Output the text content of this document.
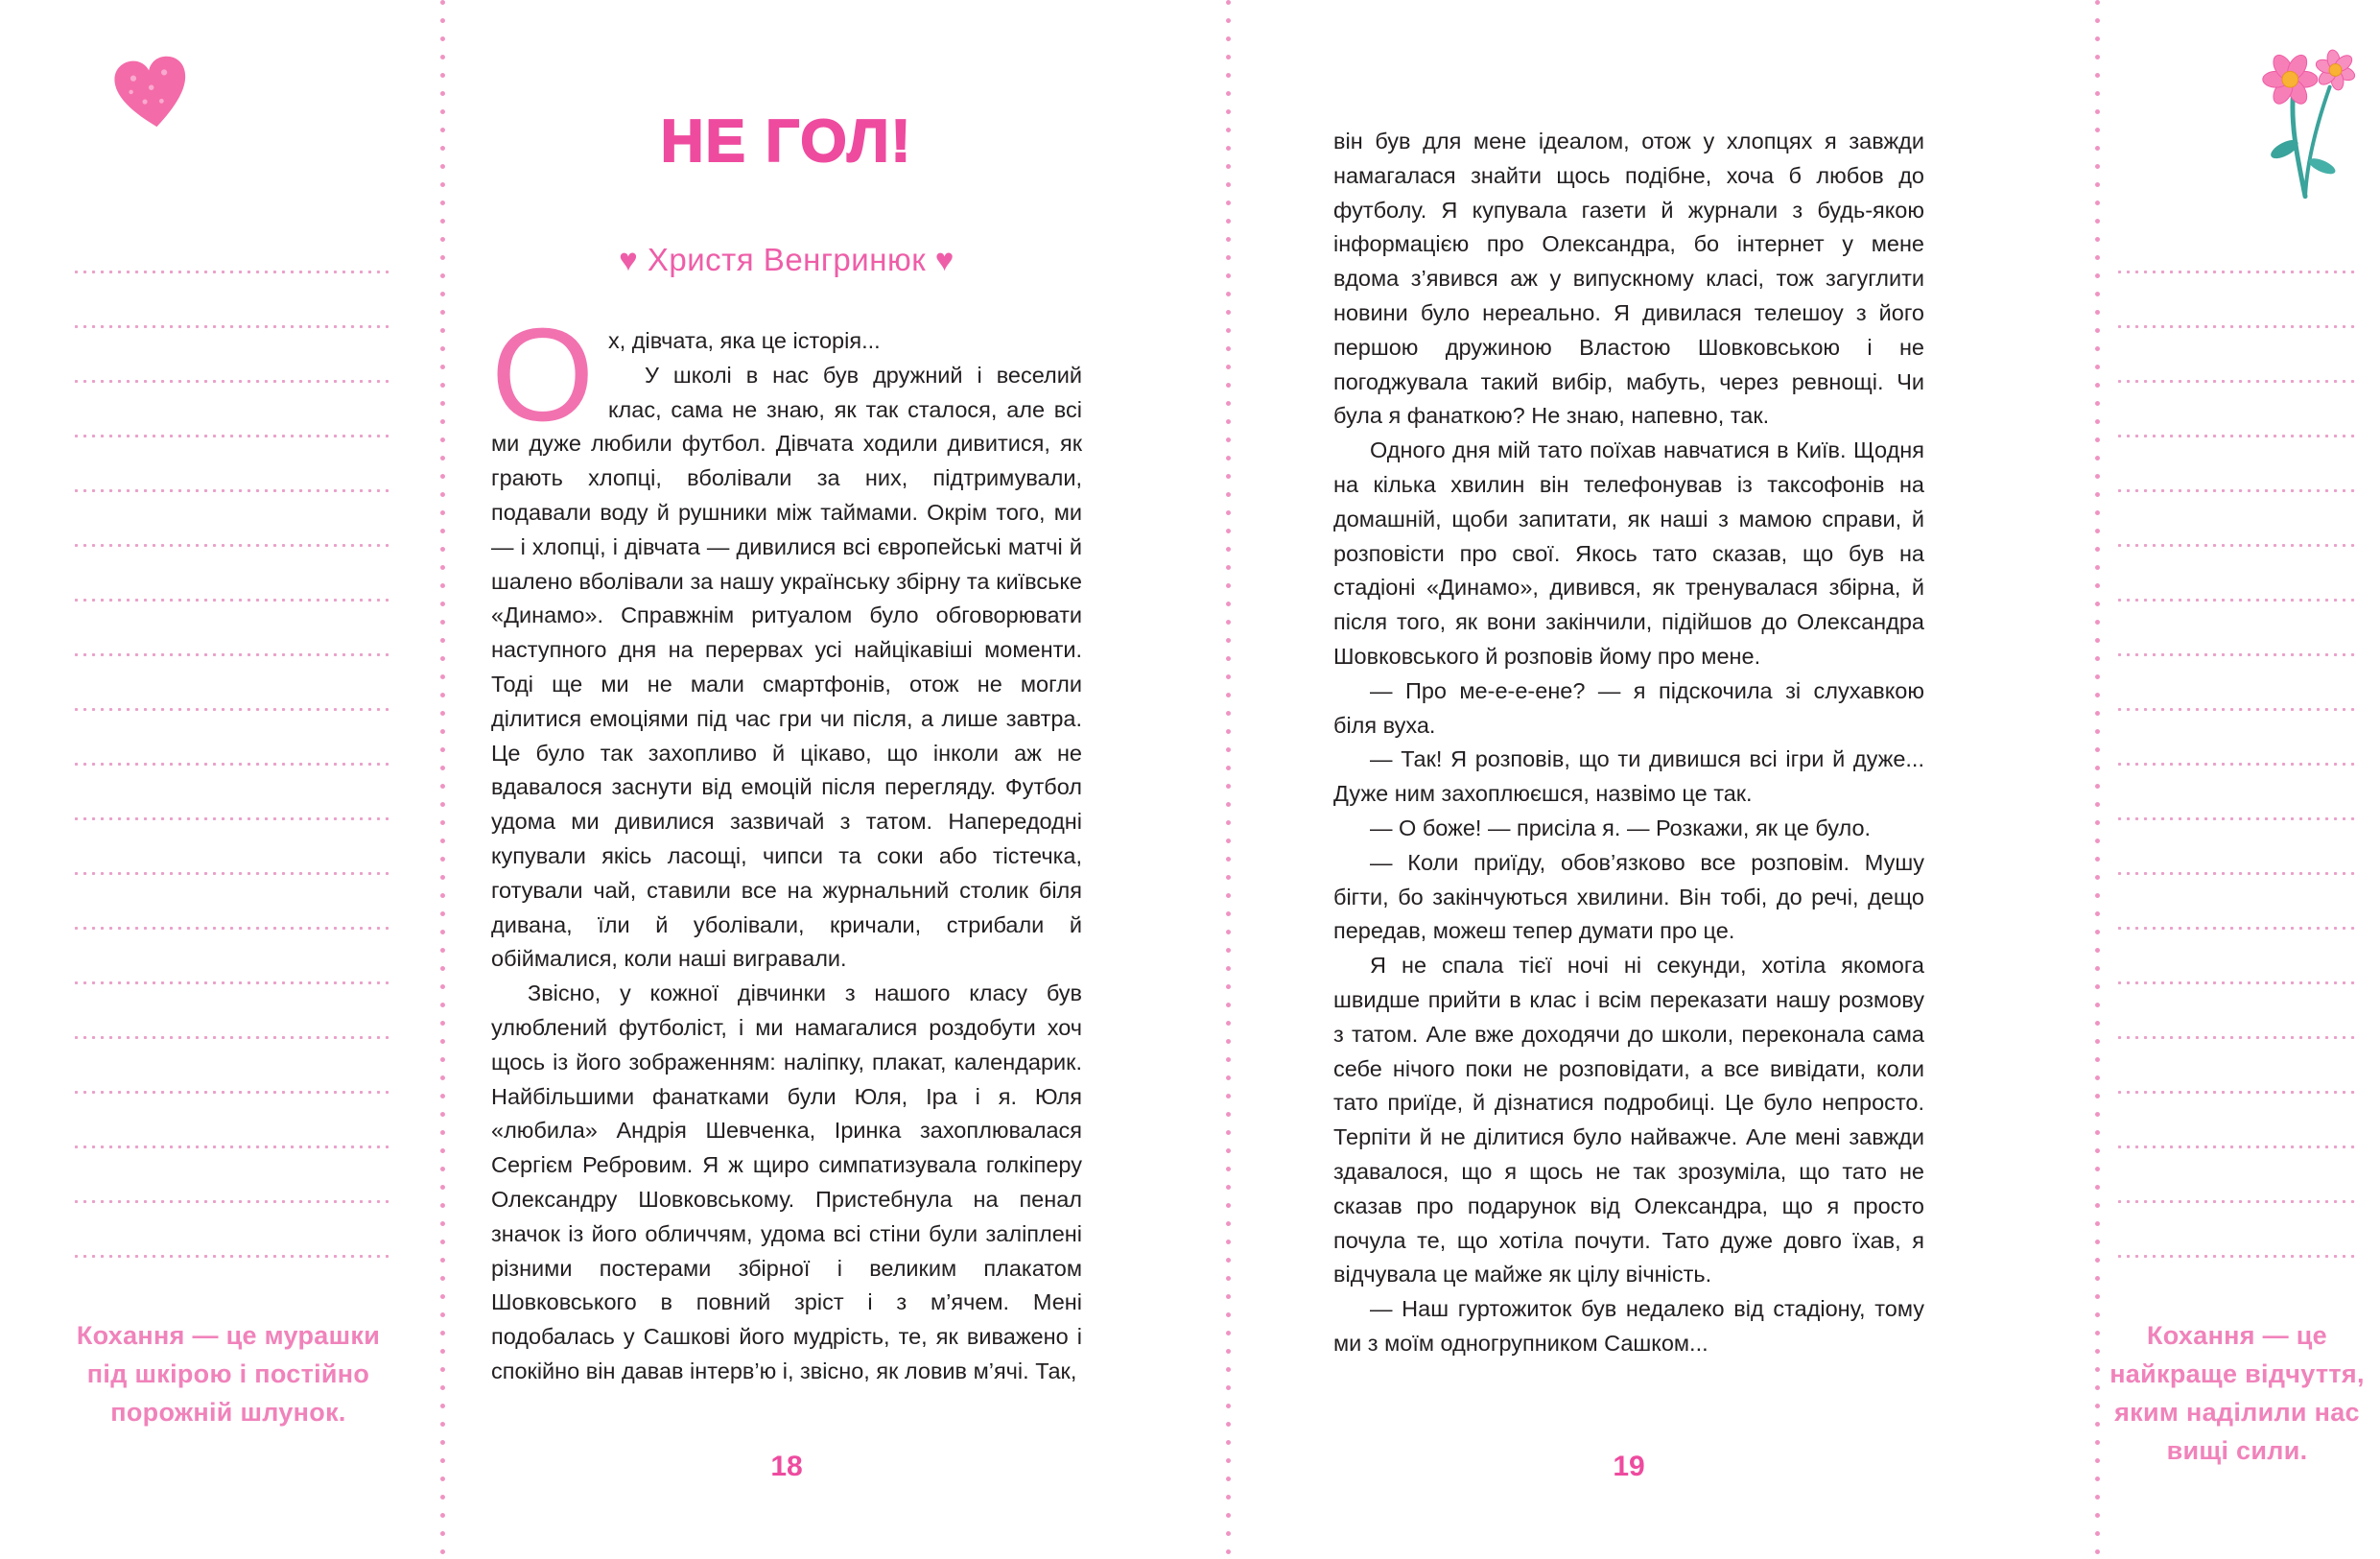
Кохання — це мурашки під шкірою і постійно порожній шлунок.
НЕ ГОЛ!
♥ Христя Венгринюк ♥
О х, дівчата, яка це історія...

У школі в нас був дружний і веселий клас, сама не знаю, як так сталося, але всі ми дуже любили футбол. Дівчата ходили дивитися, як грають хлопці, вболівали за них, підтримували, подавали воду й рушники між таймами. Окрім того, ми — і хлопці, і дівчата — дивилися всі європейські матчі й шалено вболівали за нашу українську збірну та київське «Динамо». Справжнім ритуалом було обговорювати наступного дня на перервах усі найцікавіші моменти. Тоді ще ми не мали смартфонів, отож не могли ділитися емоціями під час гри чи після, а лише завтра. Це було так захопливо й цікаво, що інколи аж не вдавалося заснути від емоцій після перегляду. Футбол удома ми дивилися зазвичай з татом. Напередодні купували якісь ласощі, чипси та соки або тістечка, готували чай, ставили все на журнальний столик біля дивана, їли й уболівали, кричали, стрибали й обіймалися, коли наші вигравали.

Звісно, у кожної дівчинки з нашого класу був улюблений футболіст, і ми намагалися роздобути хоч щось із його зображенням: наліпку, плакат, календарик. Найбільшими фанатками були Юля, Іра і я. Юля «любила» Андрія Шевченка, Іринка захоплювалася Сергієм Ребровим. Я ж щиро симпатизувала голкіперу Олександру Шовковському. Пристебнула на пенал значок із його обличчям, удома всі стіни були заліплені різними постерами збірної і великим плакатом Шовковського в повний зріст і з м’ячем. Мені подобалась у Сашкові його мудрість, те, як виважено і спокійно він давав інтерв’ю і, звісно, як ловив м’ячі. Так,

18

він був для мене ідеалом, отож у хлопцях я завжди намагалася знайти щось подібне, хоча б любов до футболу. Я купувала газети й журнали з будь-якою інформацією про Олександра, бо інтернет у мене вдома з’явився аж у випускному класі, тож загуглити новини було нереально. Я дивилася телешоу з його першою дружиною Властою Шовковською і не погоджувала такий вибір, мабуть, через ревнощі. Чи була я фанаткою? Не знаю, напевно, так.

Одного дня мій тато поїхав навчатися в Київ. Щодня на кілька хвилин він телефонував із таксофонів на домашній, щоби запитати, як наші з мамою справи, й розповісти про свої. Якось тато сказав, що був на стадіоні «Динамо», дивився, як тренувалася збірна, й після того, як вони закінчили, підійшов до Олександра Шовковського й розповів йому про мене.

— Про ме-е-е-ене? — я підскочила зі слухавкою біля вуха.

— Так! Я розповів, що ти дивишся всі ігри й дуже... Дуже ним захоплюєшся, назвімо це так.

— О боже! — присіла я. — Розкажи, як це було.

— Коли приїду, обов’язково все розповім. Мушу бігти, бо закінчуються хвилини. Він тобі, до речі, дещо передав, можеш тепер думати про це.

Я не спала тієї ночі ні секунди, хотіла якомога швидше прийти в клас і всім переказати нашу розмову з татом. Але вже доходячи до школи, переконала сама себе нічого поки не розповідати, а все вивідати, коли тато приїде, й дізнатися подробиці. Це було непросто. Терпіти й не ділитися було найважче. Але мені завжди здавалося, що я щось не так зрозуміла, що тато не сказав про подарунок від Олександра, що я просто почула те, що хотіла почути. Тато дуже довго їхав, я відчувала це майже як цілу вічність.

— Наш гуртожиток був недалеко від стадіону, тому ми з моїм одногрупником Сашком...

19
Кохання — це найкраще відчуття, яким наділили нас вищі сили.
